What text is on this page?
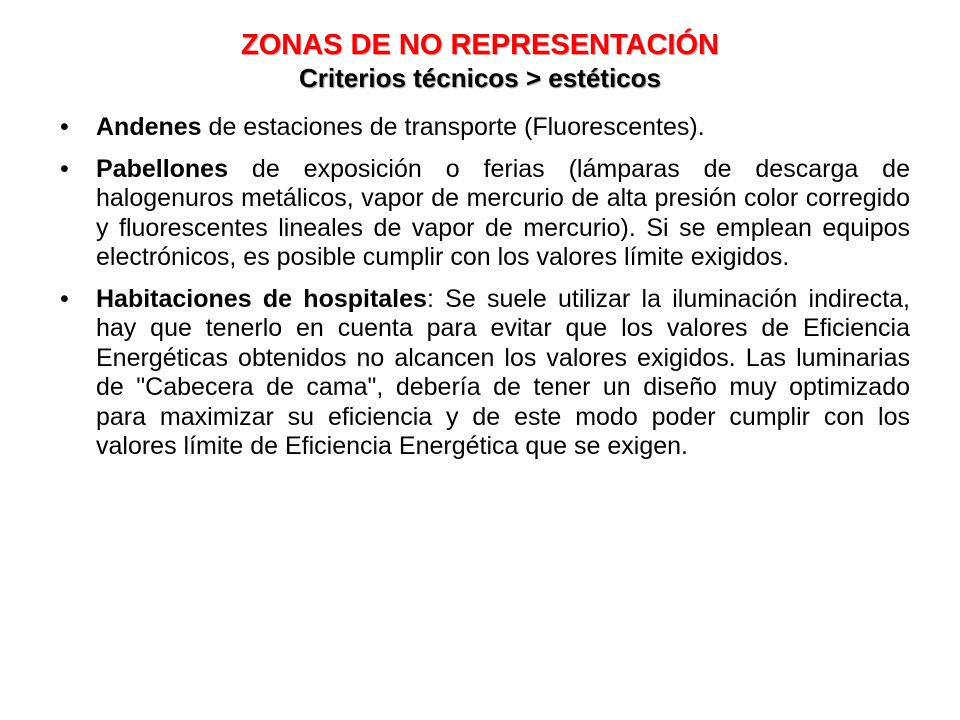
ZONAS DE NO REPRESENTACIÓN
Criterios técnicos > estéticos
• Andenes de estaciones de transporte (Fluorescentes).
• Pabellones de exposición o ferias (lámparas de descarga de halogenuros metálicos, vapor de mercurio de alta presión color corregido y fluorescentes lineales de vapor de mercurio). Si se emplean equipos electrónicos, es posible cumplir con los valores límite exigidos.
• Habitaciones de hospitales: Se suele utilizar la iluminación indirecta, hay que tenerlo en cuenta para evitar que los valores de Eficiencia Energéticas obtenidos no alcancen los valores exigidos. Las luminarias de "Cabecera de cama", debería de tener un diseño muy optimizado para maximizar su eficiencia y de este modo poder cumplir con los valores límite de Eficiencia Energética que se exigen.
